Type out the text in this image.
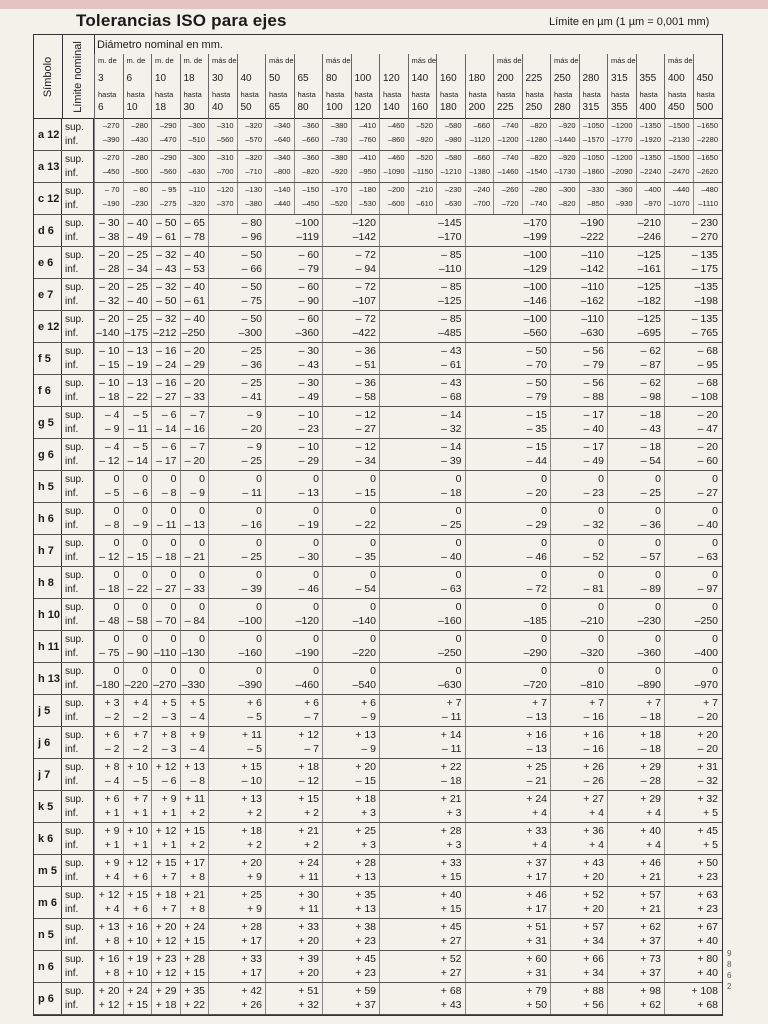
Tolerancias ISO para ejes	Límite en µm (1 µm = 0,001 mm)
Símbolo Límite nominal Diámetro nominal en mm.
m. de
3
hasta
6
m. de
6
hasta
10
m. de
10
hasta
18
m. de
18
hasta
30
más de
30
hasta
40
40
hasta
50
más de
50
hasta
65
65
hasta
80
más de
80
hasta
100
100
hasta
120
120
hasta
140
más de
140
hasta
160
160
hasta
180
180
hasta
200
más de
200
hasta
225
225
hasta
250
más de
250
hasta
280
280
hasta
315
más de
315
hasta
355
355
hasta
400
más de
400
hasta
450
450
hasta
500
a 12
sup.
inf.
–270
–390
–280
–430
–290
–470
–300
–510
–310
–560
–320
–570
–340
–640
–360
–660
–380
–730
–410
–760
–460
–860
–520
–920
–580
–980
–660
–1120
–740
–1200
–820
–1280
–920
–1440
–1050
–1570
–1200
–1770
–1350
–1920
–1500
–2130
–1650
–2280
a 13
sup.
inf.
–270
–450
–280
–500
–290
–560
–300
–630
–310
–700
–320
–710
–340
–800
–360
–820
–380
–920
–410
–950
–460
–1090
–520
–1150
–580
–1210
–660
–1380
–740
–1460
–820
–1540
–920
–1730
–1050
–1860
–1200
–2090
–1350
–2240
–1500
–2470
–1650
–2620
c 12
sup.
inf.
– 70
–190
– 80
–230
– 95
–275
–110
–320
–120
–370
–130
–380
–140
–440
–150
–450
–170
–520
–180
–530
–200
–600
–210
–610
–230
–630
–240
–700
–260
–720
–280
–740
–300
–820
–330
–850
–360
–930
–400
–970
–440
–1070
–480
–1110
d 6
sup.
inf.
– 30
– 38
– 40
– 49
– 50
– 61
– 65
– 78
– 80
– 96
–100
–119
–120
–142
–145
–170
–170
–199
–190
–222
–210
–246
– 230
– 270
e 6
sup.
inf.
– 20
– 28
– 25
– 34
– 32
– 43
– 40
– 53
– 50
– 66
– 60
– 79
– 72
– 94
– 85
–110
–100
–129
–110
–142
–125
–161
– 135
– 175
e 7
sup.
inf.
– 20
– 32
– 25
– 40
– 32
– 50
– 40
– 61
– 50
– 75
– 60
– 90
– 72
–107
– 85
–125
–100
–146
–110
–162
–125
–182
–135
–198
e 12
sup.
inf.
– 20
–140
– 25
–175
– 32
–212
– 40
–250
– 50
–300
– 60
–360
– 72
–422
– 85
–485
–100
–560
–110
–630
–125
–695
– 135
– 765
f 5
sup.
inf.
– 10
– 15
– 13
– 19
– 16
– 24
– 20
– 29
– 25
– 36
– 30
– 43
– 36
– 51
– 43
– 61
– 50
– 70
– 56
– 79
– 62
– 87
– 68
– 95
f 6
sup.
inf.
– 10
– 18
– 13
– 22
– 16
– 27
– 20
– 33
– 25
– 41
– 30
– 49
– 36
– 58
– 43
– 68
– 50
– 79
– 56
– 88
– 62
– 98
– 68
– 108
g 5
sup.
inf.
– 4
– 9
– 5
– 11
– 6
– 14
– 7
– 16
– 9
– 20
– 10
– 23
– 12
– 27
– 14
– 32
– 15
– 35
– 17
– 40
– 18
– 43
– 20
– 47
g 6
sup.
inf.
– 4
– 12
– 5
– 14
– 6
– 17
– 7
– 20
– 9
– 25
– 10
– 29
– 12
– 34
– 14
– 39
– 15
– 44
– 17
– 49
– 18
– 54
– 20
– 60
h 5
sup.
inf.
0
– 5
0
– 6
0
– 8
0
– 9
0
– 11
0
– 13
0
– 15
0
– 18
0
– 20
0
– 23
0
– 25
0
– 27
h 6
sup.
inf.
0
– 8
0
– 9
0
– 11
0
– 13
0
– 16
0
– 19
0
– 22
0
– 25
0
– 29
0
– 32
0
– 36
0
– 40
h 7
sup.
inf.
0
– 12
0
– 15
0
– 18
0
– 21
0
– 25
0
– 30
0
– 35
0
– 40
0
– 46
0
– 52
0
– 57
0
– 63
h 8
sup.
inf.
0
– 18
0
– 22
0
– 27
0
– 33
0
– 39
0
– 46
0
– 54
0
– 63
0
– 72
0
– 81
0
– 89
0
– 97
h 10
sup.
inf.
0
– 48
0
– 58
0
– 70
0
– 84
0
–100
0
–120
0
–140
0
–160
0
–185
0
–210
0
–230
0
–250
h 11
sup.
inf.
0
– 75
0
– 90
0
–110
0
–130
0
–160
0
–190
0
–220
0
–250
0
–290
0
–320
0
–360
0
–400
h 13
sup.
inf.
0
–180
0
–220
0
–270
0
–330
0
–390
0
–460
0
–540
0
–630
0
–720
0
–810
0
–890
0
–970
j 5
sup.
inf.
+ 3
– 2
+ 4
– 2
+ 5
– 3
+ 5
– 4
+ 6
– 5
+ 6
– 7
+ 6
– 9
+ 7
– 11
+ 7
– 13
+ 7
– 16
+ 7
– 18
+ 7
– 20
j 6
sup.
inf.
+ 6
– 2
+ 7
– 2
+ 8
– 3
+ 9
– 4
+ 11
– 5
+ 12
– 7
+ 13
– 9
+ 14
– 11
+ 16
– 13
+ 16
– 16
+ 18
– 18
+ 20
– 20
j 7
sup.
inf.
+ 8
– 4
+ 10
– 5
+ 12
– 6
+ 13
– 8
+ 15
– 10
+ 18
– 12
+ 20
– 15
+ 22
– 18
+ 25
– 21
+ 26
– 26
+ 29
– 28
+ 31
– 32
k 5
sup.
inf.
+ 6
+ 1
+ 7
+ 1
+ 9
+ 1
+ 11
+ 2
+ 13
+ 2
+ 15
+ 2
+ 18
+ 3
+ 21
+ 3
+ 24
+ 4
+ 27
+ 4
+ 29
+ 4
+ 32
+ 5
k 6
sup.
inf.
+ 9
+ 1
+ 10
+ 1
+ 12
+ 1
+ 15
+ 2
+ 18
+ 2
+ 21
+ 2
+ 25
+ 3
+ 28
+ 3
+ 33
+ 4
+ 36
+ 4
+ 40
+ 4
+ 45
+ 5
m 5
sup.
inf.
+ 9
+ 4
+ 12
+ 6
+ 15
+ 7
+ 17
+ 8
+ 20
+ 9
+ 24
+ 11
+ 28
+ 13
+ 33
+ 15
+ 37
+ 17
+ 43
+ 20
+ 46
+ 21
+ 50
+ 23
m 6
sup.
inf.
+ 12
+ 4
+ 15
+ 6
+ 18
+ 7
+ 21
+ 8
+ 25
+ 9
+ 30
+ 11
+ 35
+ 13
+ 40
+ 15
+ 46
+ 17
+ 52
+ 20
+ 57
+ 21
+ 63
+ 23
n 5
sup.
inf.
+ 13
+ 8
+ 16
+ 10
+ 20
+ 12
+ 24
+ 15
+ 28
+ 17
+ 33
+ 20
+ 38
+ 23
+ 45
+ 27
+ 51
+ 31
+ 57
+ 34
+ 62
+ 37
+ 67
+ 40
n 6
sup.
inf.
+ 16
+ 8
+ 19
+ 10
+ 23
+ 12
+ 28
+ 15
+ 33
+ 17
+ 39
+ 20
+ 45
+ 23
+ 52
+ 27
+ 60
+ 31
+ 66
+ 34
+ 73
+ 37
+ 80
+ 40
p 6
sup.
inf.
+ 20
+ 12
+ 24
+ 15
+ 29
+ 18
+ 35
+ 22
+ 42
+ 26
+ 51
+ 32
+ 59
+ 37
+ 68
+ 43
+ 79
+ 50
+ 88
+ 56
+ 98
+ 62
+ 108
+ 68
9
8
6
2
